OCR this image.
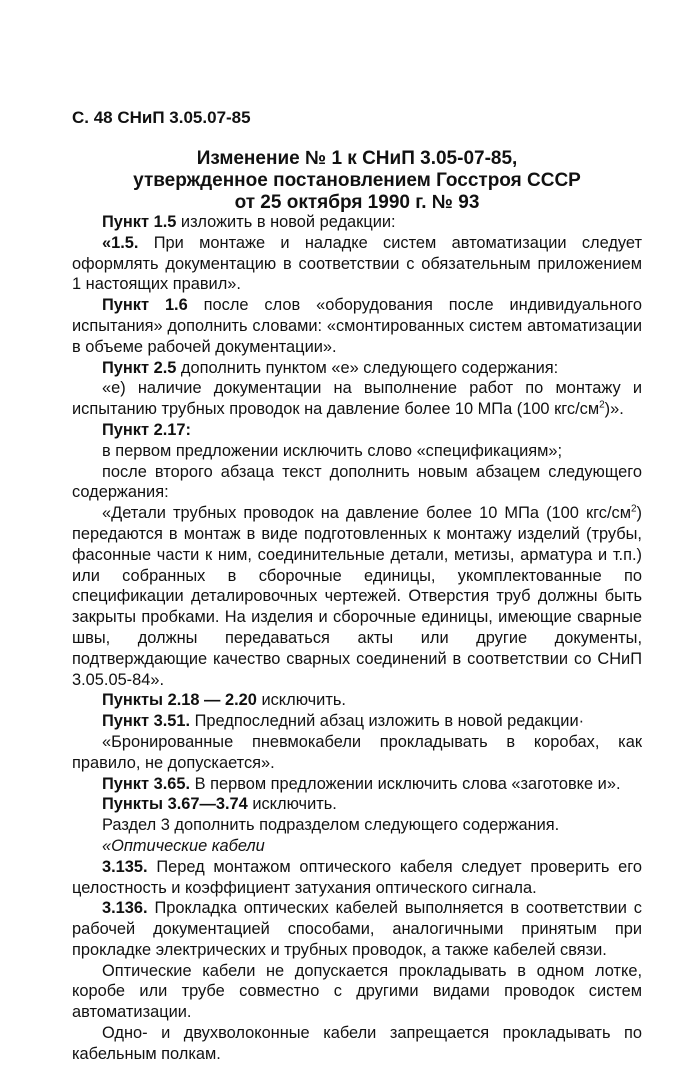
С. 48 СНиП 3.05.07-85
Изменение № 1 к СНиП 3.05-07-85,
утвержденное постановлением Госстроя СССР
от 25 октября 1990 г. № 93

Пункт 1.5 изложить в новой редакции:

«1.5. При монтаже и наладке систем автоматизации следует оформлять документацию в соответствии с обязательным приложением 1 настоящих правил».

Пункт 1.6 после слов «оборудования после индивидуального испытания» дополнить словами: «смонтированных систем автоматизации в объеме рабочей документации».

Пункт 2.5 дополнить пунктом «е» следующего содержания:

«е) наличие документации на выполнение работ по монтажу и испытанию трубных проводок на давление более 10 МПа (100 кгс/$см^2$)».

Пункт 2.17:

в первом предложении исключить слово «спецификациям»;

после второго абзаца текст дополнить новым абзацем следующего содержания:

«Детали трубных проводок на давление более 10 МПа (100 кгс/$см^2$) передаются в монтаж в виде подготовленных к монтажу изделий (трубы, фасонные части к ним, соединительные детали, метизы, арматура и т.п.) или собранных в сборочные единицы, укомплектованные по спецификации деталировочных чертежей. Отверстия труб должны быть закрыты пробками. На изделия и сборочные единицы, имеющие сварные швы, должны передаваться акты или другие документы, подтверждающие качество сварных соединений в соответствии со СНиП 3.05.05-84».

Пункты 2.18 — 2.20 исключить.

Пункт 3.51. Предпоследний абзац изложить в новой редакции·

«Бронированные пневмокабели прокладывать в коробах, как правило, не допускается».

Пункт 3.65. В первом предложении исключить слова «заготовке и».

Пункты 3.67—3.74 исключить.

Раздел 3 дополнить подразделом следующего содержания.

«Оптические кабели

3.135. Перед монтажом оптического кабеля следует проверить его целостность и коэффициент затухания оптического сигнала.

3.136. Прокладка оптических кабелей выполняется в соответствии с рабочей документацией способами, аналогичными принятым при прокладке электрических и трубных проводок, а также кабелей связи.

Оптические кабели не допускается прокладывать в одном лотке, коробе или трубе совместно с другими видами проводок систем автоматизации.

Одно- и двухволоконные кабели запрещается прокладывать по кабельным полкам.
